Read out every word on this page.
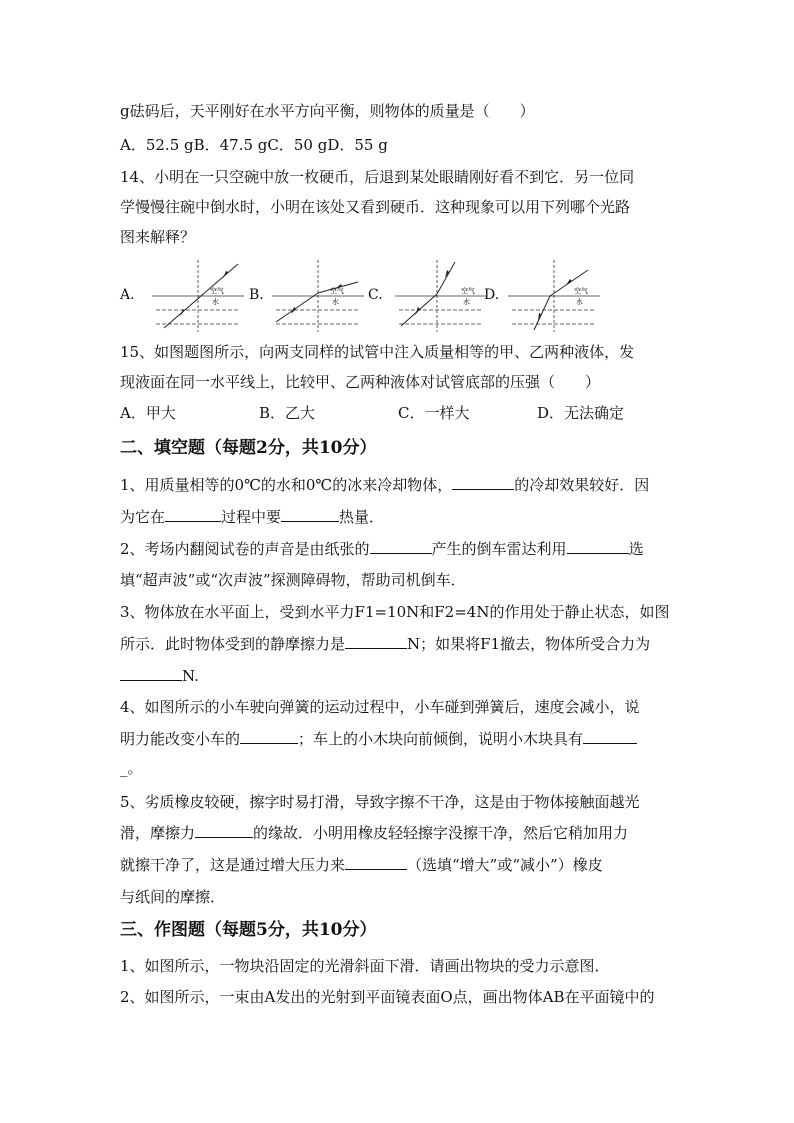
g砝码后，天平刚好在水平方向平衡，则物体的质量是（　　）
A．52.5 gB．47.5 gC．50 gD．55 g
14、小明在一只空碗中放一枚硬币，后退到某处眼睛刚好看不到它．另一位同
学慢慢往碗中倒水时，小明在该处又看到硬币．这种现象可以用下列哪个光路
图来解释？
A.	B.	C.	D.
空气
水
空气
水
空气
水
空气
水
15、如图题图所示，向两支同样的试管中注入质量相等的甲、乙两种液体，发
现液面在同一水平线上，比较甲、乙两种液体对试管底部的压强（　　）
A．甲大	B．乙大	C．一样大	D．无法确定
二、填空题（每题2分，共10分）
1、用质量相等的0℃的水和0℃的冰来冷却物体，	的冷却效果较好．因
为它在	过程中要	热量．
2、考场内翻阅试卷的声音是由纸张的	产生的倒车雷达利用	选
填“超声波”或“次声波”探测障碍物，帮助司机倒车．
3、物体放在水平面上，受到水平力F1=10N和F2=4N的作用处于静止状态，如图
所示．此时物体受到的静摩擦力是	N；如果将F1撤去，物体所受合力为
N.
4、如图所示的小车驶向弹簧的运动过程中，小车碰到弹簧后，速度会减小，说
明力能改变小车的	；车上的小木块向前倾倒，说明小木块具有
_。
5、劣质橡皮较硬，擦字时易打滑，导致字擦不干净，这是由于物体接触面越光
滑，摩擦力	的缘故．小明用橡皮轻轻擦字没擦干净，然后它稍加用力
就擦干净了，这是通过增大压力来	（选填“增大”或“减小”）橡皮
与纸间的摩擦．
三、作图题（每题5分，共10分）
1、如图所示，一物块沿固定的光滑斜面下滑．请画出物块的受力示意图．
2、如图所示，一束由A发出的光射到平面镜表面O点，画出物体AB在平面镜中的
